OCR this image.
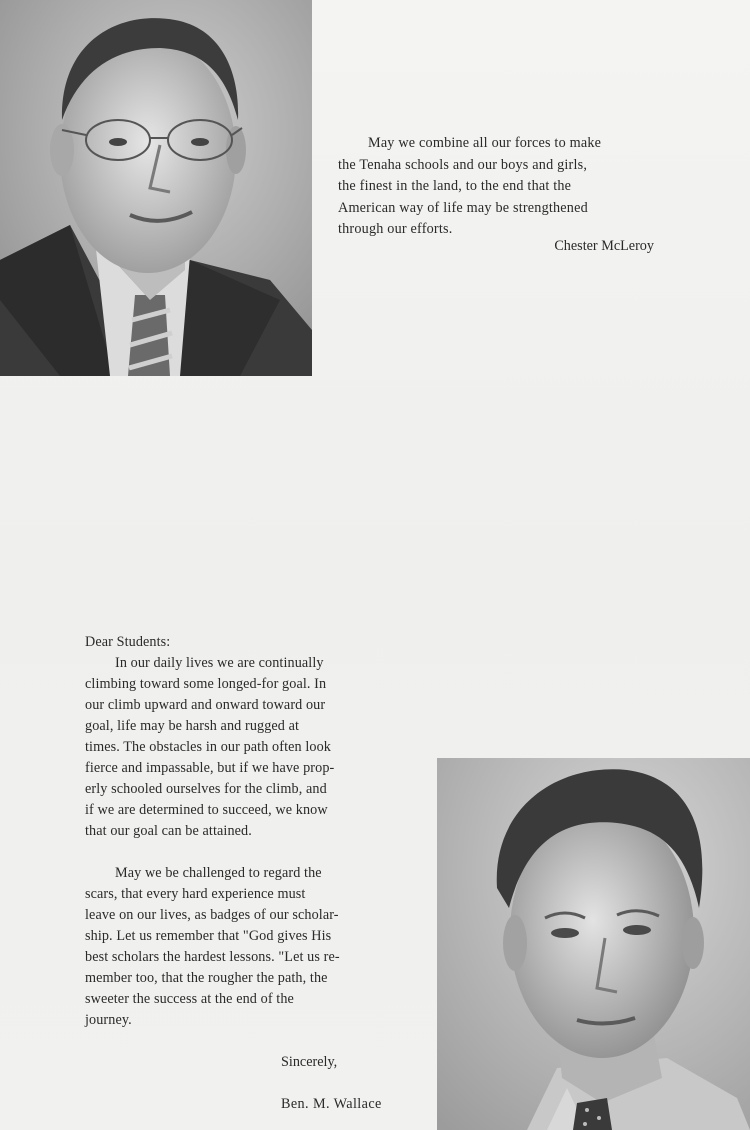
May we combine all our forces to make
the Tenaha schools and our boys and girls,
the finest in the land, to the end that the
American way of life may be strengthened
through our efforts.
Chester McLeroy
Dear Students:
In our daily lives we are continually
climbing toward some longed-for goal. In
our climb upward and onward toward our
goal, life may be harsh and rugged at
times. The obstacles in our path often look
fierce and impassable, but if we have prop-
erly schooled ourselves for the climb, and
if we are determined to succeed, we know
that our goal can be attained.
May we be challenged to regard the
scars, that every hard experience must
leave on our lives, as badges of our scholar-
ship. Let us remember that "God gives His
best scholars the hardest lessons. "Let us re-
member too, that the rougher the path, the
sweeter the success at the end of the
journey.
Sincerely,
Ben. M. Wallace
